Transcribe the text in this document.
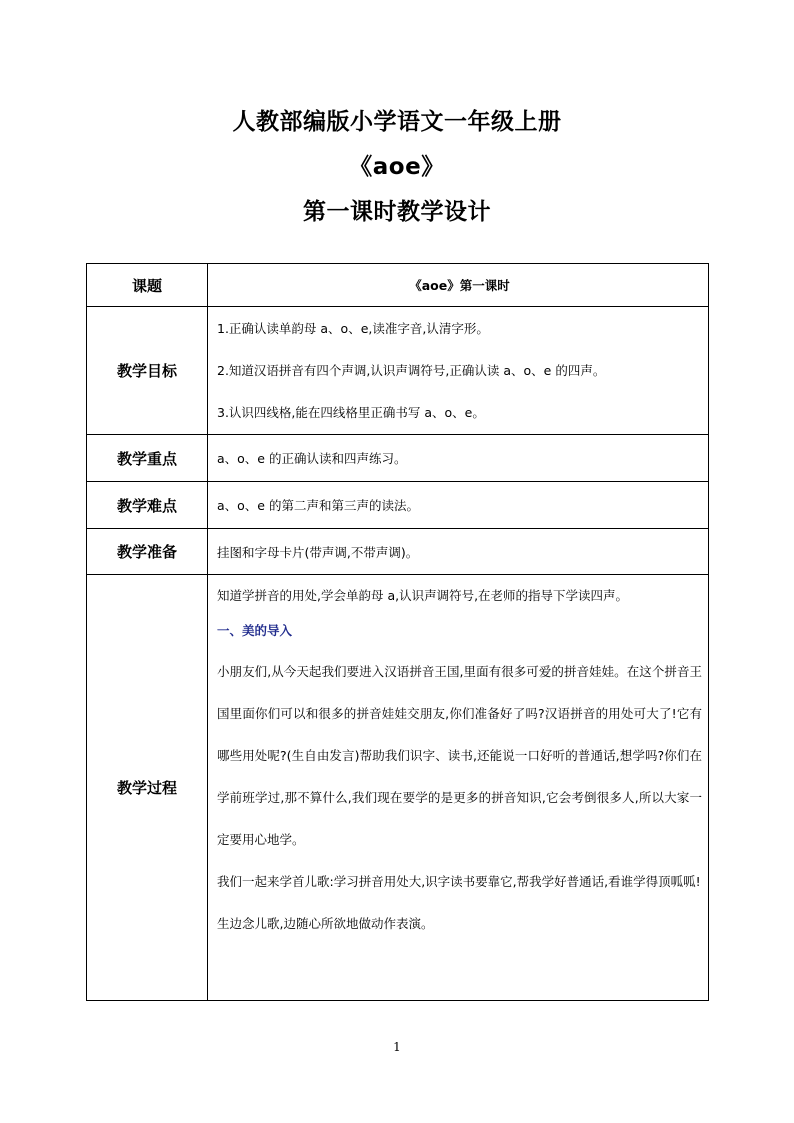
人教部编版小学语文一年级上册
《aoe》
第一课时教学设计
课题	《aoe》第一课时
教学目标	1.正确认读单韵母 a、o、e,读准字音,认清字形。
2.知道汉语拼音有四个声调,认识声调符号,正确认读 a、o、e 的四声。
3.认识四线格,能在四线格里正确书写 a、o、e。

教学重点	a、o、e 的正确认读和四声练习。
教学难点	a、o、e 的第二声和第三声的读法。
教学准备	挂图和字母卡片(带声调,不带声调)。
教学过程	知道学拼音的用处,学会单韵母 a,认识声调符号,在老师的指导下学读四声。
一、美的导入
小朋友们,从今天起我们要进入汉语拼音王国,里面有很多可爱的拼音娃娃。在这个拼音王国里面你们可以和很多的拼音娃娃交朋友,你们准备好了吗?汉语拼音的用处可大了!它有哪些用处呢?(生自由发言)帮助我们识字、读书,还能说一口好听的普通话,想学吗?你们在学前班学过,那不算什么,我们现在要学的是更多的拼音知识,它会考倒很多人,所以大家一定要用心地学。
我们一起来学首儿歌:学习拼音用处大,识字读书要靠它,帮我学好普通话,看谁学得顶呱呱!
生边念儿歌,边随心所欲地做动作表演。
1
